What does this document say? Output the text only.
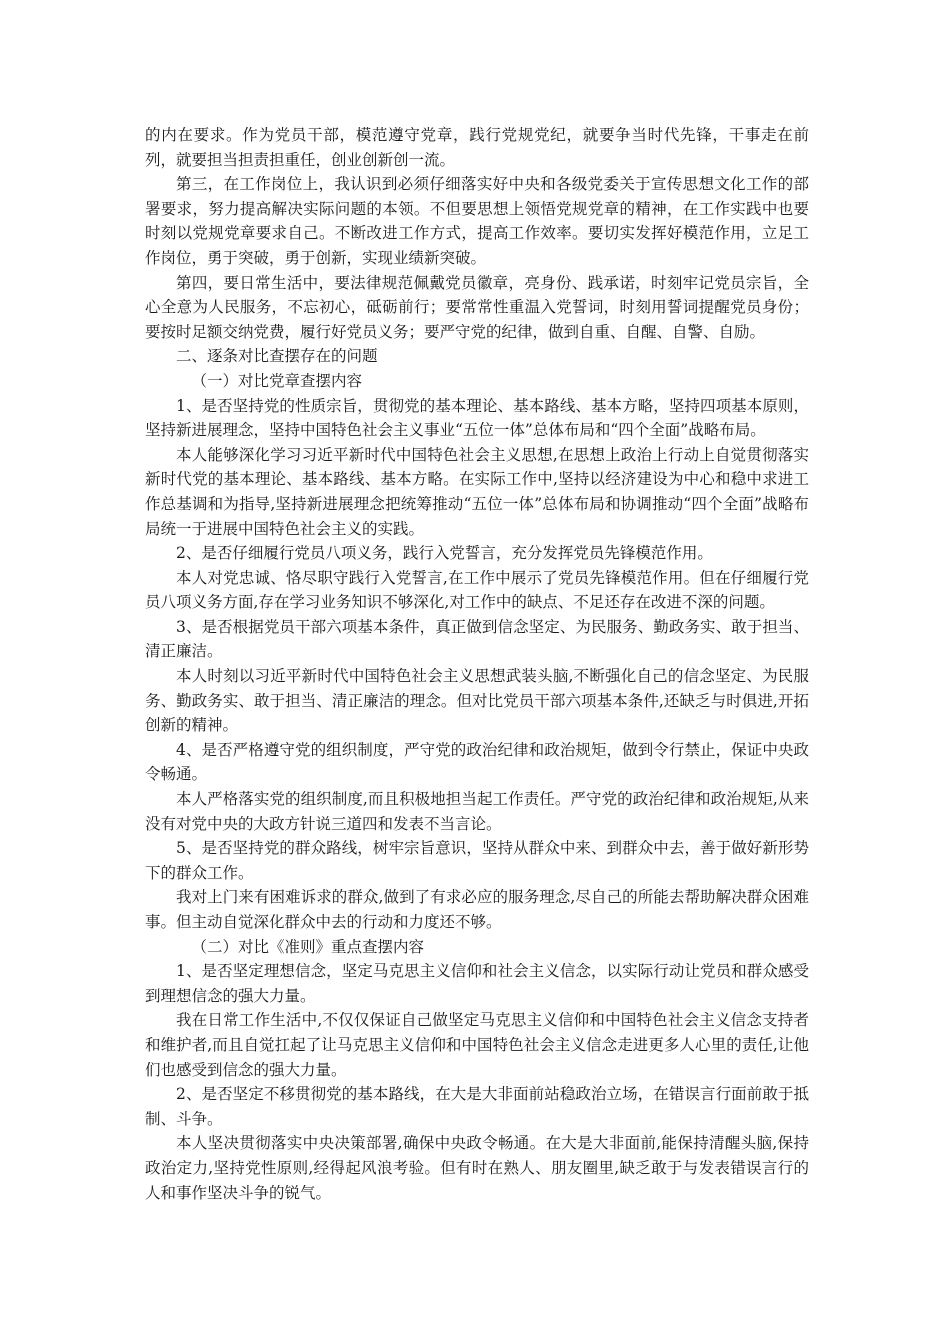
的内在要求。作为党员干部，模范遵守党章，践行党规党纪，就要争当时代先锋，干事走在前列，就要担当担责担重任，创业创新创一流。

第三，在工作岗位上，我认识到必须仔细落实好中央和各级党委关于宣传思想文化工作的部署要求，努力提高解决实际问题的本领。不但要思想上领悟党规党章的精神，在工作实践中也要时刻以党规党章要求自己。不断改进工作方式，提高工作效率。要切实发挥好模范作用，立足工作岗位，勇于突破，勇于创新，实现业绩新突破。

第四，要日常生活中，要法律规范佩戴党员徽章，亮身份、践承诺，时刻牢记党员宗旨，全心全意为人民服务，不忘初心，砥砺前行；要常常性重温入党誓词，时刻用誓词提醒党员身份；要按时足额交纳党费，履行好党员义务；要严守党的纪律，做到自重、自醒、自警、自励。

二、逐条对比查摆存在的问题

（一）对比党章查摆内容

1、是否坚持党的性质宗旨，贯彻党的基本理论、基本路线、基本方略，坚持四项基本原则，坚持新进展理念，坚持中国特色社会主义事业“五位一体”总体布局和“四个全面”战略布局。

本人能够深化学习习近平新时代中国特色社会主义思想,在思想上政治上行动上自觉贯彻落实新时代党的基本理论、基本路线、基本方略。在实际工作中,坚持以经济建设为中心和稳中求进工作总基调和为指导,坚持新进展理念把统筹推动“五位一体”总体布局和协调推动“四个全面”战略布局统一于进展中国特色社会主义的实践。

2、是否仔细履行党员八项义务，践行入党誓言，充分发挥党员先锋模范作用。

本人对党忠诚、恪尽职守践行入党誓言,在工作中展示了党员先锋模范作用。但在仔细履行党员八项义务方面,存在学习业务知识不够深化,对工作中的缺点、不足还存在改进不深的问题。

3、是否根据党员干部六项基本条件，真正做到信念坚定、为民服务、勤政务实、敢于担当、清正廉洁。

本人时刻以习近平新时代中国特色社会主义思想武装头脑,不断强化自己的信念坚定、为民服务、勤政务实、敢于担当、清正廉洁的理念。但对比党员干部六项基本条件,还缺乏与时俱进,开拓创新的精神。

4、是否严格遵守党的组织制度，严守党的政治纪律和政治规矩，做到令行禁止，保证中央政令畅通。

本人严格落实党的组织制度,而且积极地担当起工作责任。严守党的政治纪律和政治规矩,从来没有对党中央的大政方针说三道四和发表不当言论。

5、是否坚持党的群众路线，树牢宗旨意识，坚持从群众中来、到群众中去，善于做好新形势下的群众工作。

我对上门来有困难诉求的群众,做到了有求必应的服务理念,尽自己的所能去帮助解决群众困难事。但主动自觉深化群众中去的行动和力度还不够。

（二）对比《准则》重点查摆内容

1、是否坚定理想信念，坚定马克思主义信仰和社会主义信念，以实际行动让党员和群众感受到理想信念的强大力量。

我在日常工作生活中,不仅仅保证自己做坚定马克思主义信仰和中国特色社会主义信念支持者和维护者,而且自觉扛起了让马克思主义信仰和中国特色社会主义信念走进更多人心里的责任,让他们也感受到信念的强大力量。

2、是否坚定不移贯彻党的基本路线，在大是大非面前站稳政治立场，在错误言行面前敢于抵制、斗争。

本人坚决贯彻落实中央决策部署,确保中央政令畅通。在大是大非面前,能保持清醒头脑,保持政治定力,坚持党性原则,经得起风浪考验。但有时在熟人、朋友圈里,缺乏敢于与发表错误言行的人和事作坚决斗争的锐气。
